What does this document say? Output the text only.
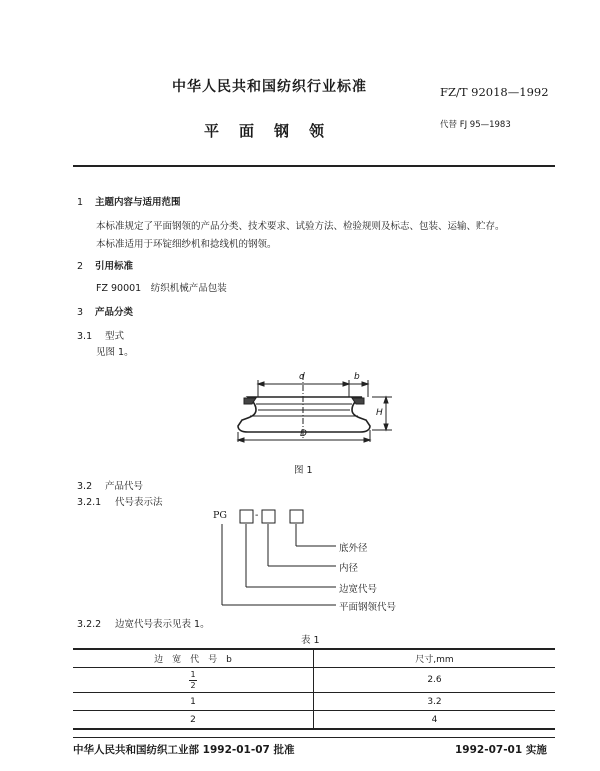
中华人民共和国纺织行业标准	FZ/T 92018—1992
平面钢领	代替 FJ 95—1983
1 主题内容与适用范围
本标准规定了平面钢领的产品分类、技术要求、试验方法、检验规则及标志、包装、运输、贮存。
本标准适用于环锭细纱机和捻线机的钢领。
2 引用标准
FZ 90001　纺织机械产品包装
3 产品分类
3.1 型式
见图 1。
d	b
H
D
图 1
3.2 产品代号
3.2.1 代号表示法
PG	-
底外径
内径
边宽代号
平面钢领代号
3.2.2 边宽代号表示见表 1。
表 1
边　宽　代　号　b	尺寸,mm

$\frac{1}{2}$	2.6
1	3.2
2	4
中华人民共和国纺织工业部 1992-01-07 批准	1992-07-01 实施
